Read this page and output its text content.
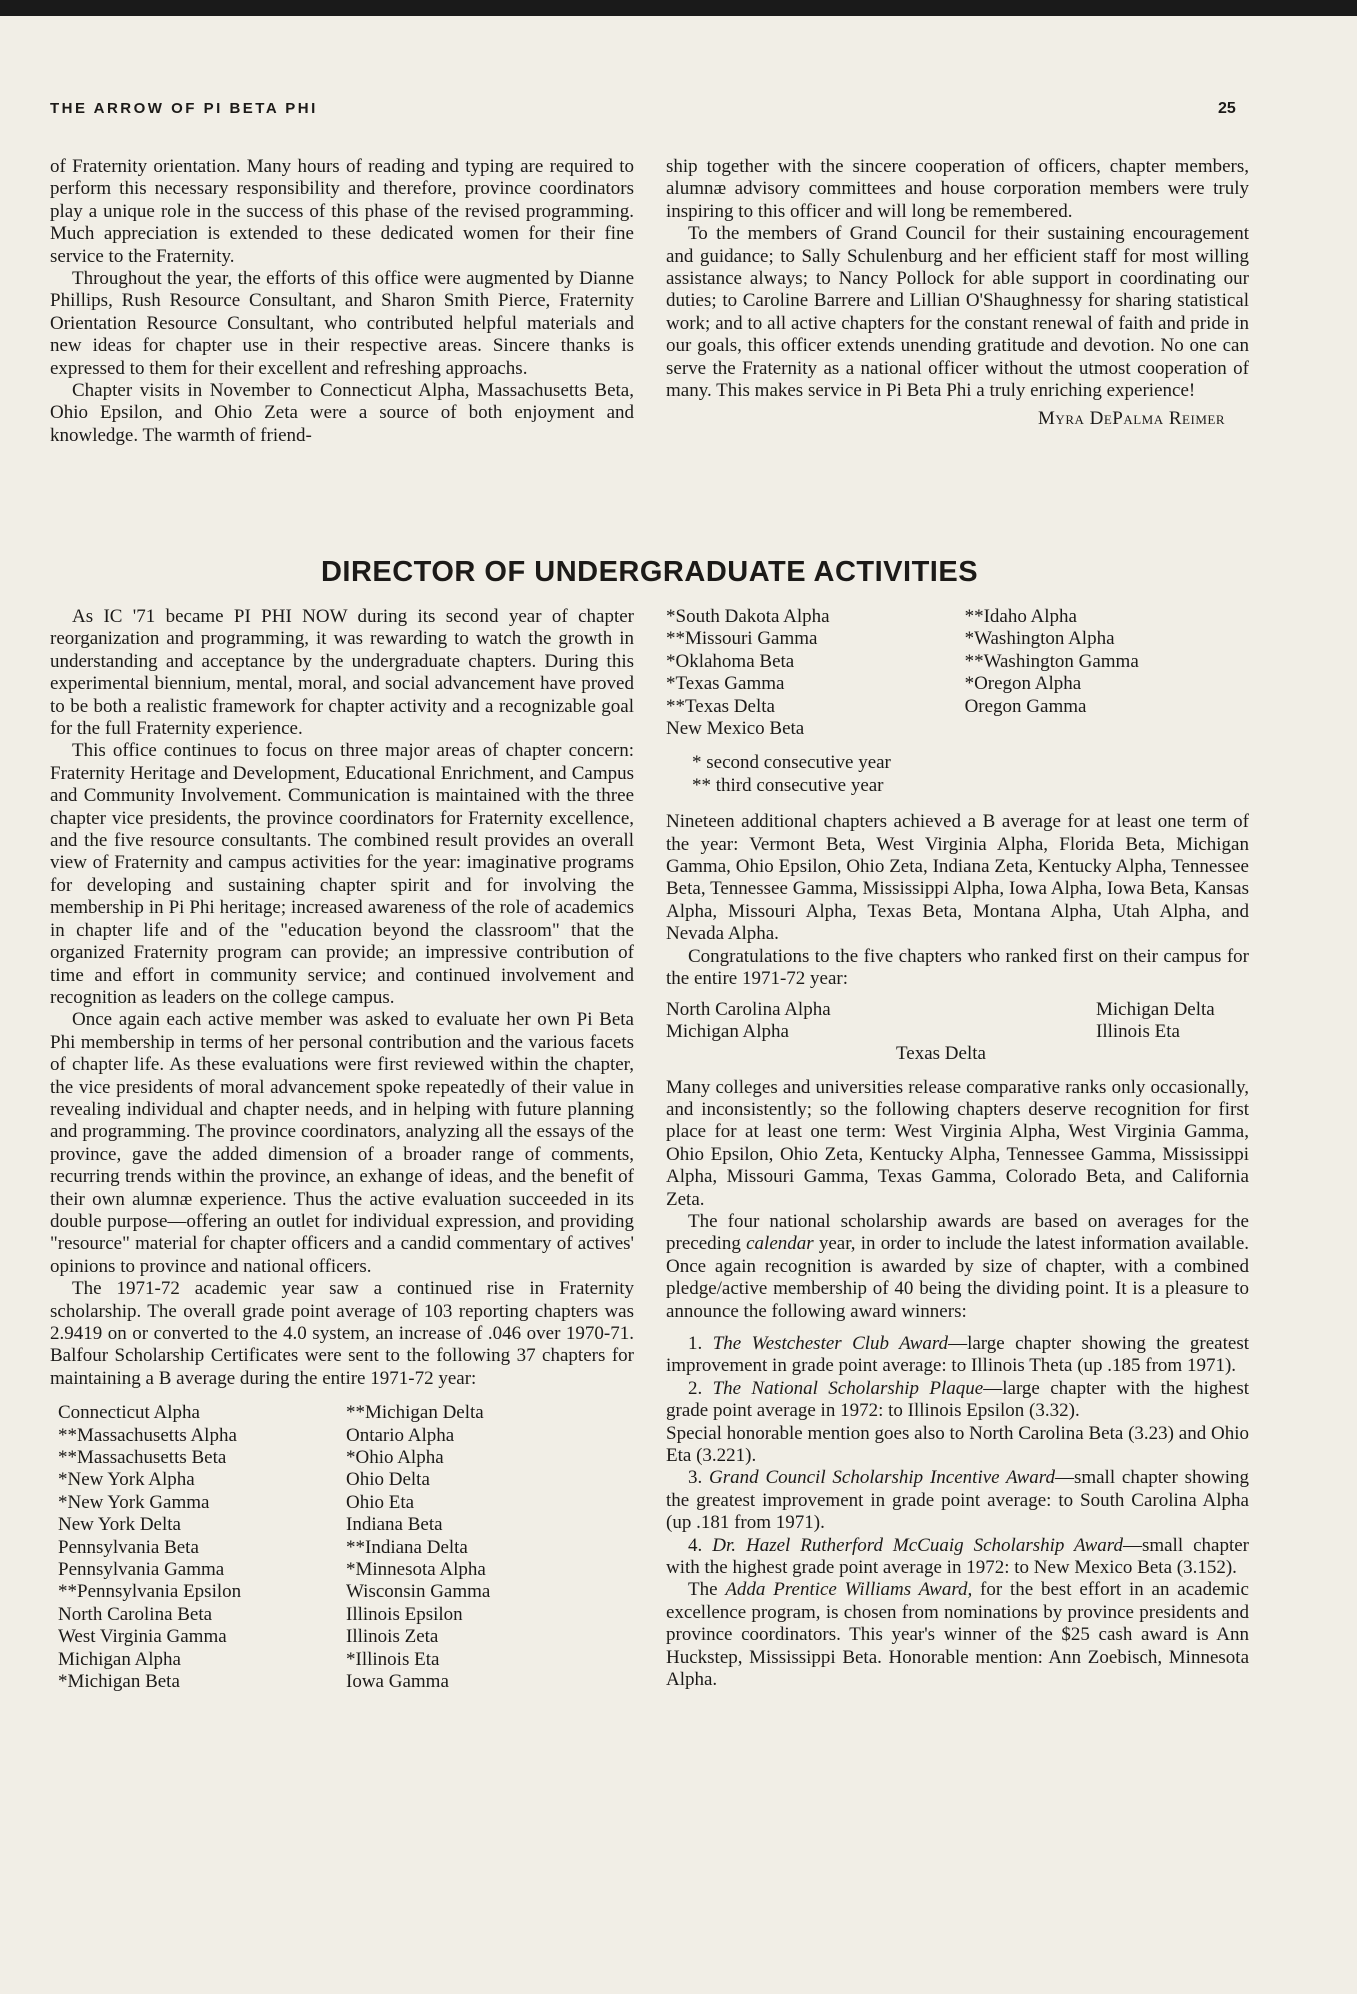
THE ARROW OF PI BETA PHI	25

of Fraternity orientation. Many hours of reading and typing are required to perform this necessary responsibility and therefore, province coordinators play a unique role in the success of this phase of the revised programming. Much appreciation is extended to these dedicated women for their fine service to the Fraternity.

Throughout the year, the efforts of this office were augmented by Dianne Phillips, Rush Resource Consultant, and Sharon Smith Pierce, Fraternity Orientation Resource Consultant, who contributed helpful materials and new ideas for chapter use in their respective areas. Sincere thanks is expressed to them for their excellent and refreshing approachs.

Chapter visits in November to Connecticut Alpha, Massachusetts Beta, Ohio Epsilon, and Ohio Zeta were a source of both enjoyment and knowledge. The warmth of friend-

ship together with the sincere cooperation of officers, chapter members, alumnæ advisory committees and house corporation members were truly inspiring to this officer and will long be remembered.

To the members of Grand Council for their sustaining encouragement and guidance; to Sally Schulenburg and her efficient staff for most willing assistance always; to Nancy Pollock for able support in coordinating our duties; to Caroline Barrere and Lillian O'Shaughnessy for sharing statistical work; and to all active chapters for the constant renewal of faith and pride in our goals, this officer extends unending gratitude and devotion. No one can serve the Fraternity as a national officer without the utmost cooperation of many. This makes service in Pi Beta Phi a truly enriching experience!

Myra DePalma Reimer
DIRECTOR OF UNDERGRADUATE ACTIVITIES

As IC '71 became PI PHI NOW during its second year of chapter reorganization and programming, it was rewarding to watch the growth in understanding and acceptance by the undergraduate chapters. During this experimental biennium, mental, moral, and social advancement have proved to be both a realistic framework for chapter activity and a recognizable goal for the full Fraternity experience.

This office continues to focus on three major areas of chapter concern: Fraternity Heritage and Development, Educational Enrichment, and Campus and Community Involvement. Communication is maintained with the three chapter vice presidents, the province coordinators for Fraternity excellence, and the five resource consultants. The combined result provides an overall view of Fraternity and campus activities for the year: imaginative programs for developing and sustaining chapter spirit and for involving the membership in Pi Phi heritage; increased awareness of the role of academics in chapter life and of the "education beyond the classroom" that the organized Fraternity program can provide; an impressive contribution of time and effort in community service; and continued involvement and recognition as leaders on the college campus.

Once again each active member was asked to evaluate her own Pi Beta Phi membership in terms of her personal contribution and the various facets of chapter life. As these evaluations were first reviewed within the chapter, the vice presidents of moral advancement spoke repeatedly of their value in revealing individual and chapter needs, and in helping with future planning and programming. The province coordinators, analyzing all the essays of the province, gave the added dimension of a broader range of comments, recurring trends within the province, an exhange of ideas, and the benefit of their own alumnæ experience. Thus the active evaluation succeeded in its double purpose—offering an outlet for individual expression, and providing "resource" material for chapter officers and a candid commentary of actives' opinions to province and national officers.

The 1971-72 academic year saw a continued rise in Fraternity scholarship. The overall grade point average of 103 reporting chapters was 2.9419 on or converted to the 4.0 system, an increase of .046 over 1970-71. Balfour Scholarship Certificates were sent to the following 37 chapters for maintaining a B average during the entire 1971-72 year:

Connecticut Alpha
**Massachusetts Alpha
**Massachusetts Beta
*New York Alpha
*New York Gamma
New York Delta
Pennsylvania Beta
Pennsylvania Gamma
**Pennsylvania Epsilon
North Carolina Beta
West Virginia Gamma
Michigan Alpha
*Michigan Beta
**Michigan Delta
Ontario Alpha
*Ohio Alpha
Ohio Delta
Ohio Eta
Indiana Beta
**Indiana Delta
*Minnesota Alpha
Wisconsin Gamma
Illinois Epsilon
Illinois Zeta
*Illinois Eta
Iowa Gamma
*South Dakota Alpha
**Missouri Gamma
*Oklahoma Beta
*Texas Gamma
**Texas Delta
New Mexico Beta
**Idaho Alpha
*Washington Alpha
**Washington Gamma
*Oregon Alpha
Oregon Gamma
* second consecutive year
** third consecutive year

Nineteen additional chapters achieved a B average for at least one term of the year: Vermont Beta, West Virginia Alpha, Florida Beta, Michigan Gamma, Ohio Epsilon, Ohio Zeta, Indiana Zeta, Kentucky Alpha, Tennessee Beta, Tennessee Gamma, Mississippi Alpha, Iowa Alpha, Iowa Beta, Kansas Alpha, Missouri Alpha, Texas Beta, Montana Alpha, Utah Alpha, and Nevada Alpha.

Congratulations to the five chapters who ranked first on their campus for the entire 1971-72 year:

North Carolina Alpha
Michigan Alpha
Michigan Delta
Illinois Eta
Texas Delta

Many colleges and universities release comparative ranks only occasionally, and inconsistently; so the following chapters deserve recognition for first place for at least one term: West Virginia Alpha, West Virginia Gamma, Ohio Epsilon, Ohio Zeta, Kentucky Alpha, Tennessee Gamma, Mississippi Alpha, Missouri Gamma, Texas Gamma, Colorado Beta, and California Zeta.

The four national scholarship awards are based on averages for the preceding calendar year, in order to include the latest information available. Once again recognition is awarded by size of chapter, with a combined pledge/active membership of 40 being the dividing point. It is a pleasure to announce the following award winners:

1. The Westchester Club Award—large chapter showing the greatest improvement in grade point average: to Illinois Theta (up .185 from 1971).

2. The National Scholarship Plaque—large chapter with the highest grade point average in 1972: to Illinois Epsilon (3.32).

Special honorable mention goes also to North Carolina Beta (3.23) and Ohio Eta (3.221).

3. Grand Council Scholarship Incentive Award—small chapter showing the greatest improvement in grade point average: to South Carolina Alpha (up .181 from 1971).

4. Dr. Hazel Rutherford McCuaig Scholarship Award—small chapter with the highest grade point average in 1972: to New Mexico Beta (3.152).

The Adda Prentice Williams Award, for the best effort in an academic excellence program, is chosen from nominations by province presidents and province coordinators. This year's winner of the $25 cash award is Ann Huckstep, Mississippi Beta. Honorable mention: Ann Zoebisch, Minnesota Alpha.
